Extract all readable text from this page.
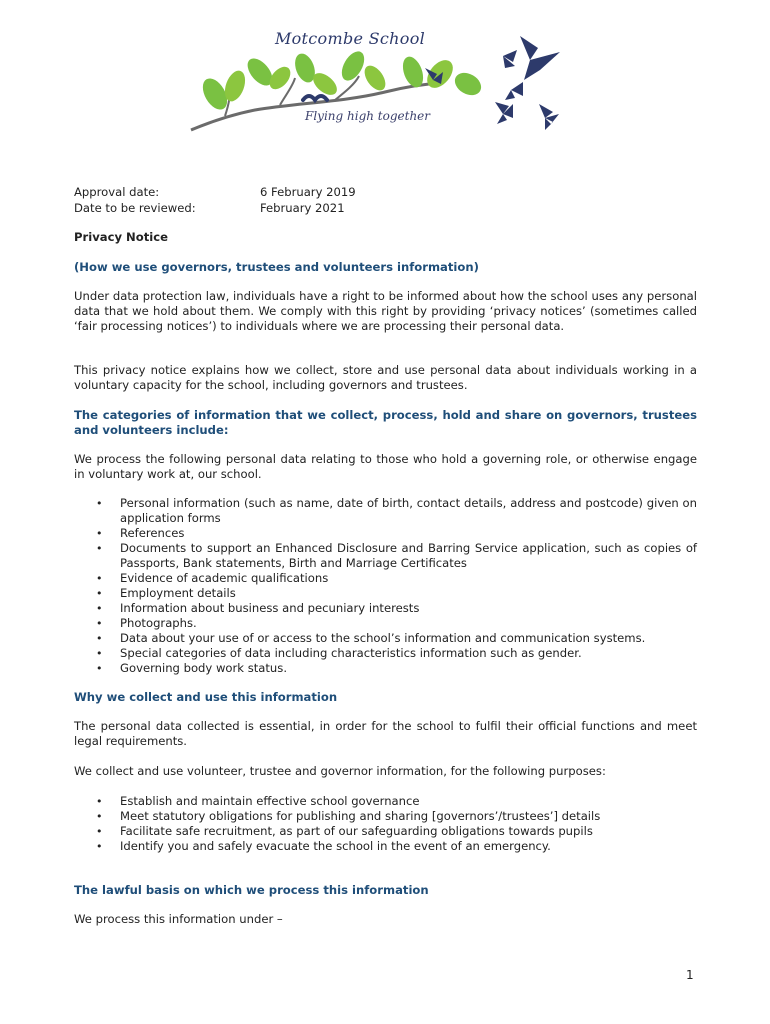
Motcombe School
Flying high together
Approval date:	6 February 2019
Date to be reviewed:	February 2021
Privacy Notice
(How we use governors, trustees and volunteers information)
Under data protection law, individuals have a right to be informed about how the school uses any personal data that we hold about them. We comply with this right by providing ‘privacy notices’ (sometimes called ‘fair processing notices’) to individuals where we are processing their personal data.
This privacy notice explains how we collect, store and use personal data about individuals working in a voluntary capacity for the school, including governors and trustees.
The categories of information that we collect, process, hold and share on governors, trustees and volunteers include:
We process the following personal data relating to those who hold a governing role, or otherwise engage in voluntary work at, our school.
• Personal information (such as name, date of birth, contact details, address and postcode) given on application forms
• References
• Documents to support an Enhanced Disclosure and Barring Service application, such as copies of Passports, Bank statements, Birth and Marriage Certificates
• Evidence of academic qualifications
• Employment details
• Information about business and pecuniary interests
• Photographs.
• Data about your use of or access to the school’s information and communication systems.
• Special categories of data including characteristics information such as gender.
• Governing body work status.
Why we collect and use this information
The personal data collected is essential, in order for the school to fulfil their official functions and meet legal requirements.
We collect and use volunteer, trustee and governor information, for the following purposes:
• Establish and maintain effective school governance
• Meet statutory obligations for publishing and sharing [governors’/trustees’] details
• Facilitate safe recruitment, as part of our safeguarding obligations towards pupils
• Identify you and safely evacuate the school in the event of an emergency.
The lawful basis on which we process this information
We process this information under –
1
